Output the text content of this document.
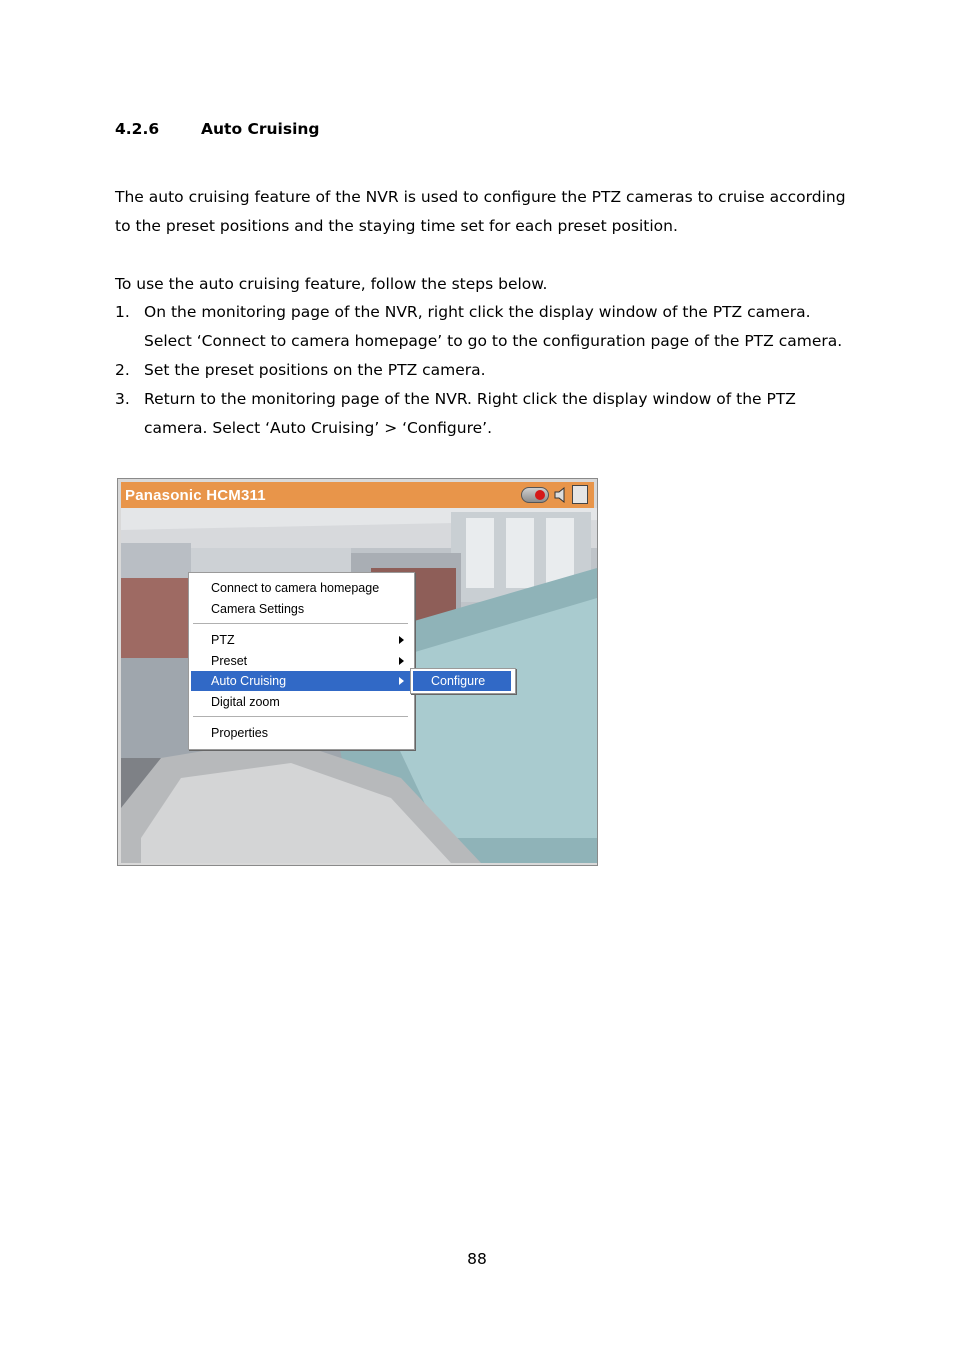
4.2.6	Auto Cruising
The auto cruising feature of the NVR is used to configure the PTZ cameras to cruise according to the preset positions and the staying time set for each preset position.
To use the auto cruising feature, follow the steps below.
1. On the monitoring page of the NVR, right click the display window of the PTZ camera. Select ‘Connect to camera homepage’ to go to the configuration page of the PTZ camera.
2. Set the preset positions on the PTZ camera.
3. Return to the monitoring page of the NVR. Right click the display window of the PTZ camera. Select ‘Auto Cruising’ > ‘Configure’.
Panasonic HCM311
Connect to camera homepage
Camera Settings
PTZ
Preset
Auto Cruising
Digital zoom
Properties
Configure
88
